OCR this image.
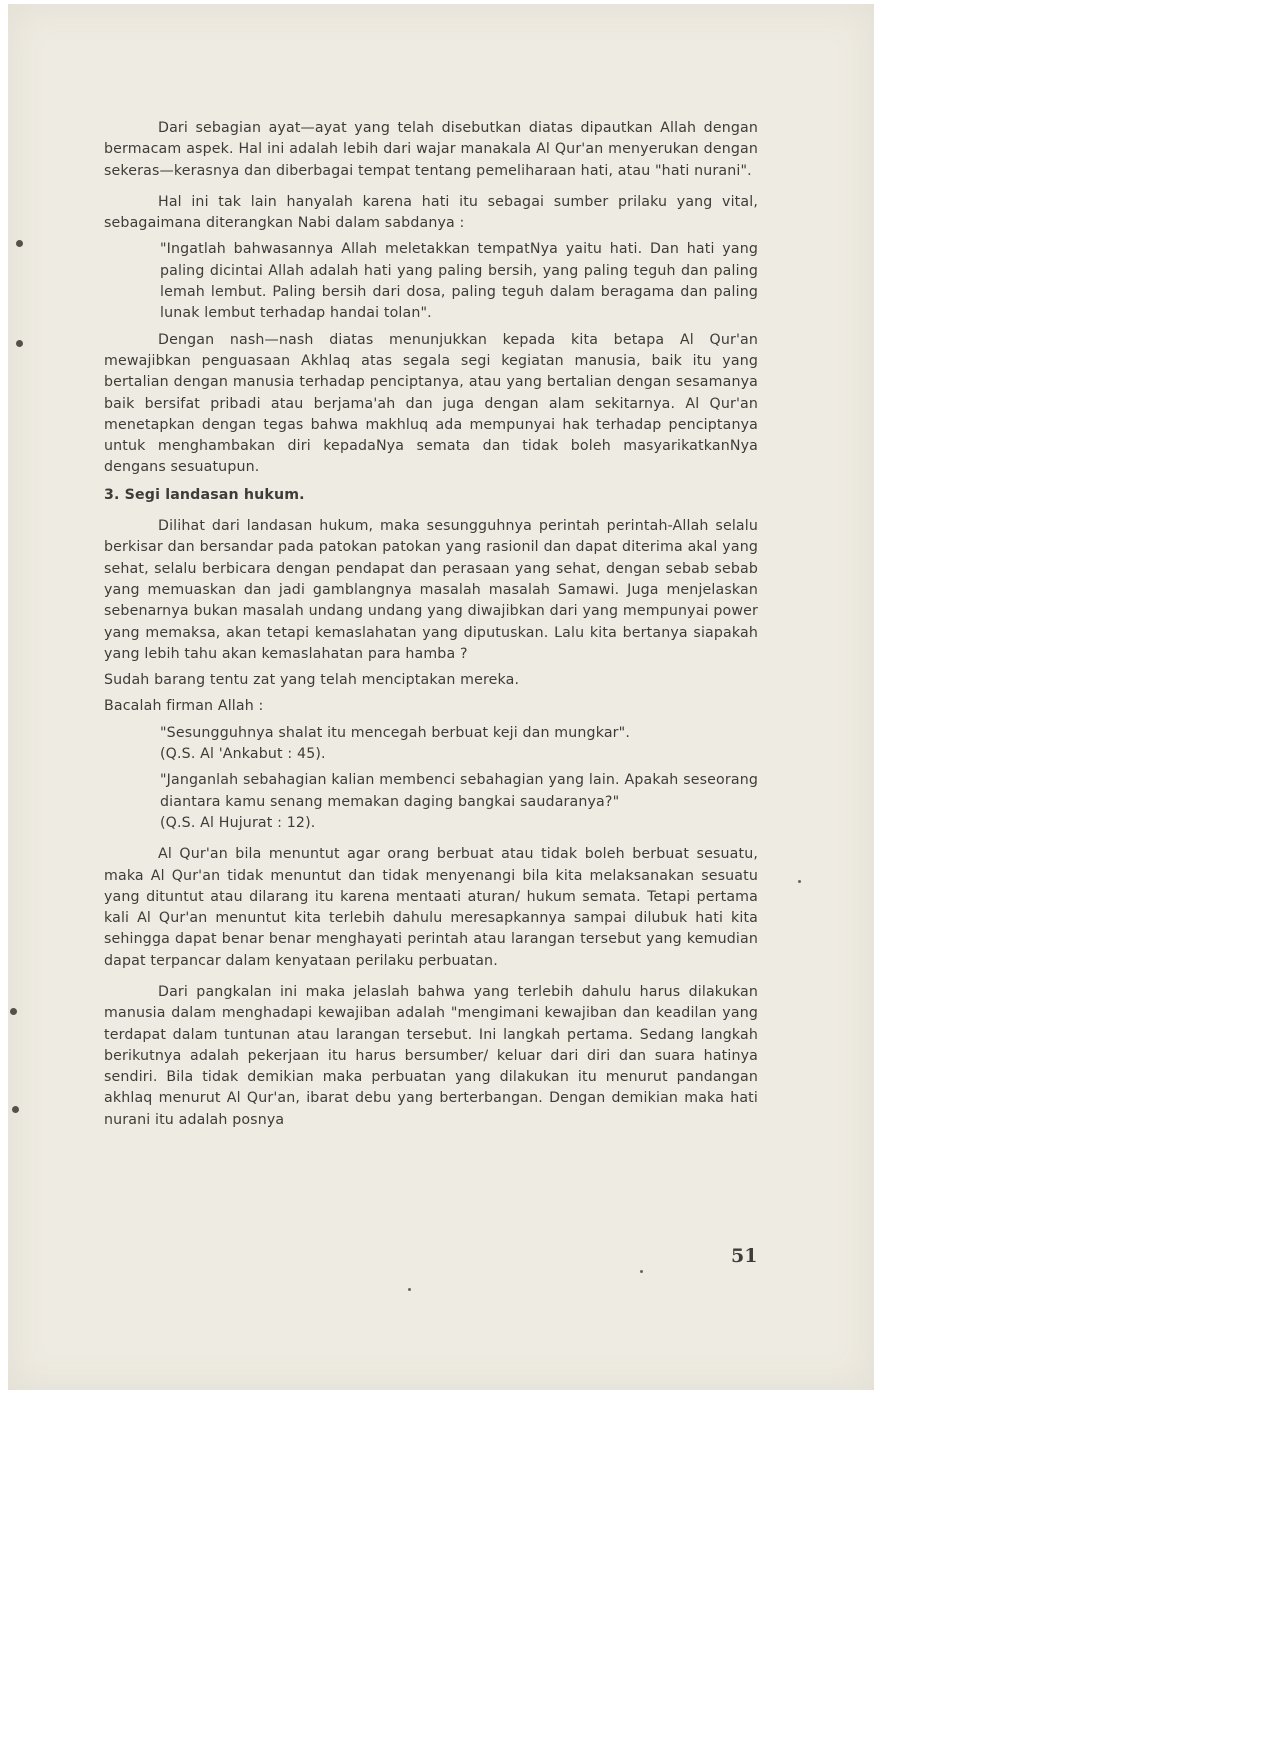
Dari sebagian ayat—ayat yang telah disebutkan diatas dipautkan Allah dengan bermacam aspek. Hal ini adalah lebih dari wajar manakala Al Qur'an menyerukan dengan sekeras—kerasnya dan diberbagai tempat tentang pemeliharaan hati, atau "hati nurani".

Hal ini tak lain hanyalah karena hati itu sebagai sumber prilaku yang vital, sebagaimana diterangkan Nabi dalam sabdanya :

"Ingatlah bahwasannya Allah meletakkan tempatNya yaitu hati. Dan hati yang paling dicintai Allah adalah hati yang paling bersih, yang paling teguh dan paling lemah lembut. Paling bersih dari dosa, paling teguh dalam beragama dan paling lunak lembut terhadap handai tolan".

Dengan nash—nash diatas menunjukkan kepada kita betapa Al Qur'an mewajibkan penguasaan Akhlaq atas segala segi kegiatan manusia, baik itu yang bertalian dengan manusia terhadap penciptanya, atau yang bertalian dengan sesamanya baik bersifat pribadi atau berjama'ah dan juga dengan alam sekitarnya. Al Qur'an menetapkan dengan tegas bahwa makhluq ada mempunyai hak terhadap penciptanya untuk menghambakan diri kepadaNya semata dan tidak boleh masyarikatkanNya dengans sesuatupun.

3. Segi landasan hukum.

Dilihat dari landasan hukum, maka sesungguhnya perintah perintah-Allah selalu berkisar dan bersandar pada patokan patokan yang rasionil dan dapat diterima akal yang sehat, selalu berbicara dengan pendapat dan perasaan yang sehat, dengan sebab sebab yang memuaskan dan jadi gamblangnya masalah masalah Samawi. Juga menjelaskan sebenarnya bukan masalah undang undang yang diwajibkan dari yang mempunyai power yang memaksa, akan tetapi kemaslahatan yang diputuskan. Lalu kita bertanya siapakah yang lebih tahu akan kemaslahatan para hamba ?

Sudah barang tentu zat yang telah menciptakan mereka.

Bacalah firman Allah :

"Sesungguhnya shalat itu mencegah berbuat keji dan mungkar".

(Q.S. Al 'Ankabut : 45).

"Janganlah sebahagian kalian membenci sebahagian yang lain. Apakah seseorang diantara kamu senang memakan daging bangkai saudaranya?"

(Q.S. Al Hujurat : 12).

Al Qur'an bila menuntut agar orang berbuat atau tidak boleh berbuat sesuatu, maka Al Qur'an tidak menuntut dan tidak menyenangi bila kita melaksanakan sesuatu yang dituntut atau dilarang itu karena mentaati aturan/ hukum semata. Tetapi pertama kali Al Qur'an menuntut kita terlebih dahulu meresapkannya sampai dilubuk hati kita sehingga dapat benar benar menghayati perintah atau larangan tersebut yang kemudian dapat terpancar dalam kenyataan perilaku perbuatan.

Dari pangkalan ini maka jelaslah bahwa yang terlebih dahulu harus dilakukan manusia dalam menghadapi kewajiban adalah "mengimani kewajiban dan keadilan yang terdapat dalam tuntunan atau larangan tersebut. Ini langkah pertama. Sedang langkah berikutnya adalah pekerjaan itu harus bersumber/ keluar dari diri dan suara hatinya sendiri. Bila tidak demikian maka perbuatan yang dilakukan itu menurut pandangan akhlaq menurut Al Qur'an, ibarat debu yang berterbangan. Dengan demikian maka hati nurani itu adalah posnya

51
